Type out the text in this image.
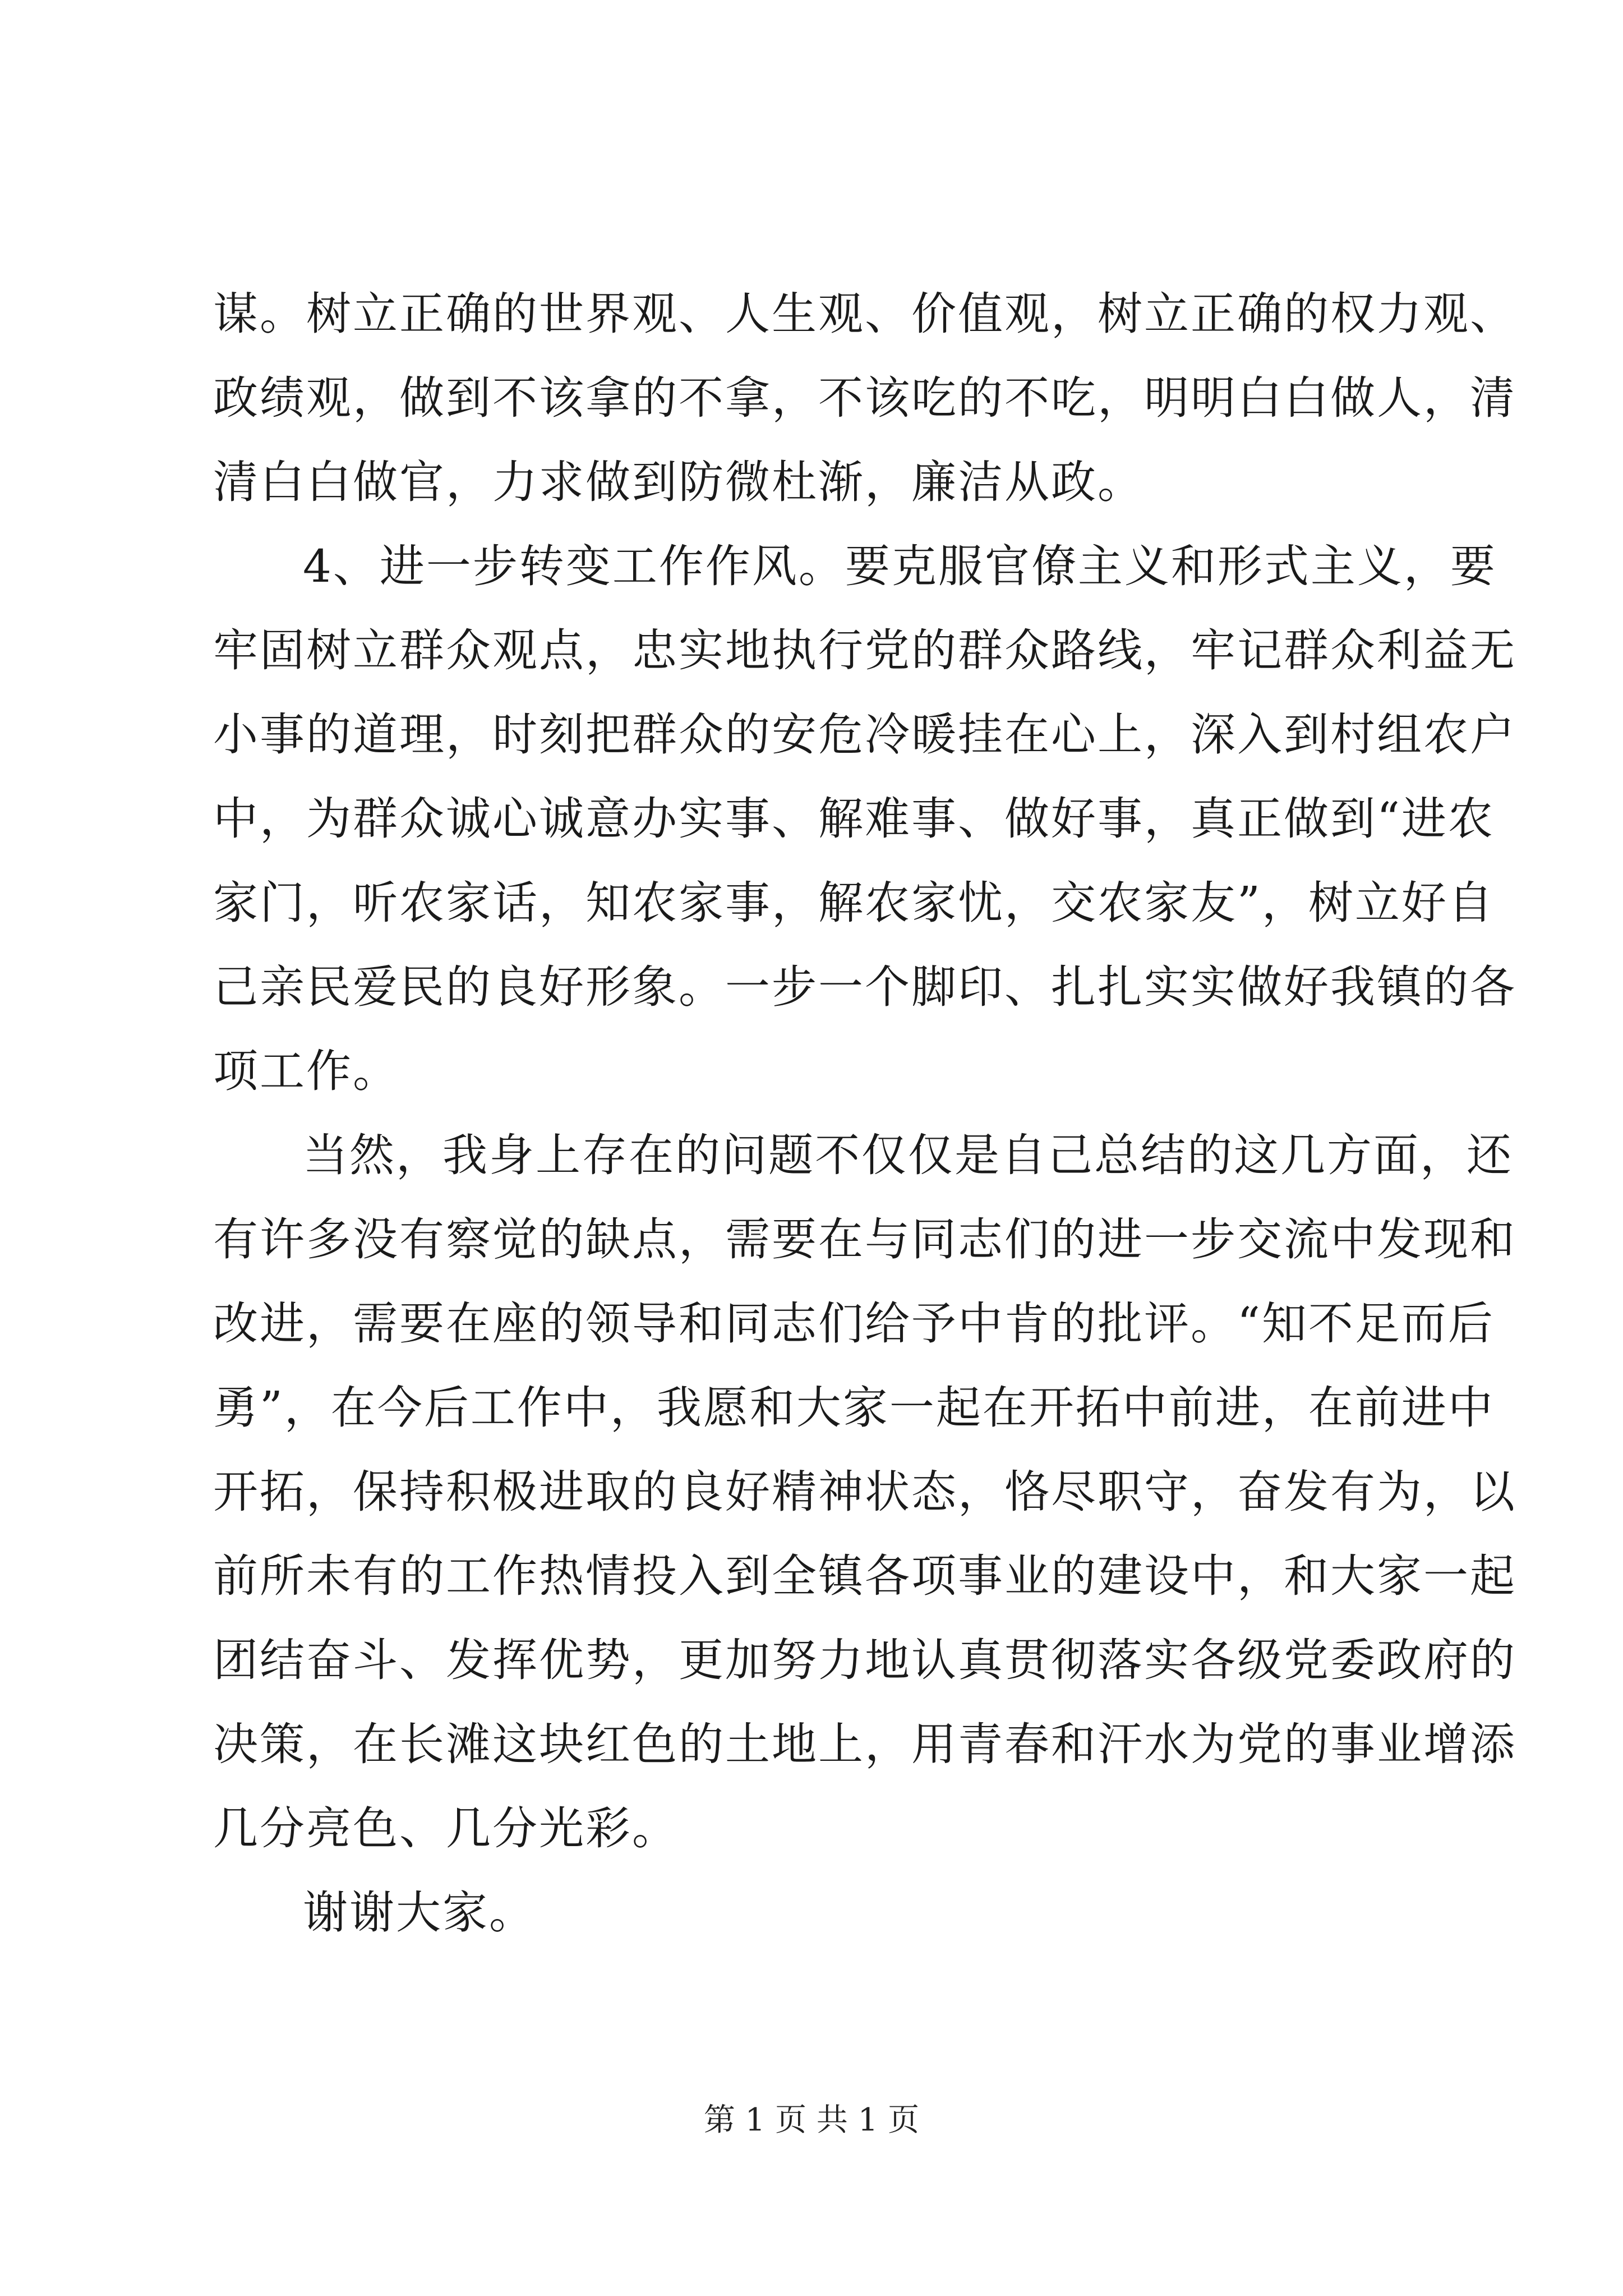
谋。树立正确的世界观、人生观、价值观，树立正确的权力观、
政绩观，做到不该拿的不拿，不该吃的不吃，明明白白做人，清
清白白做官，力求做到防微杜渐，廉洁从政。
4、进一步转变工作作风。要克服官僚主义和形式主义，要
牢固树立群众观点，忠实地执行党的群众路线，牢记群众利益无
小事的道理，时刻把群众的安危冷暖挂在心上，深入到村组农户
中，为群众诚心诚意办实事、解难事、做好事，真正做到“进农
家门，听农家话，知农家事，解农家忧，交农家友”，树立好自
己亲民爱民的良好形象。一步一个脚印、扎扎实实做好我镇的各
项工作。
当然，我身上存在的问题不仅仅是自己总结的这几方面，还
有许多没有察觉的缺点，需要在与同志们的进一步交流中发现和
改进，需要在座的领导和同志们给予中肯的批评。“知不足而后
勇”，在今后工作中，我愿和大家一起在开拓中前进，在前进中
开拓，保持积极进取的良好精神状态，恪尽职守，奋发有为，以
前所未有的工作热情投入到全镇各项事业的建设中，和大家一起
团结奋斗、发挥优势，更加努力地认真贯彻落实各级党委政府的
决策，在长滩这块红色的土地上，用青春和汗水为党的事业增添
几分亮色、几分光彩。
谢谢大家。
第 1 页 共 1 页
